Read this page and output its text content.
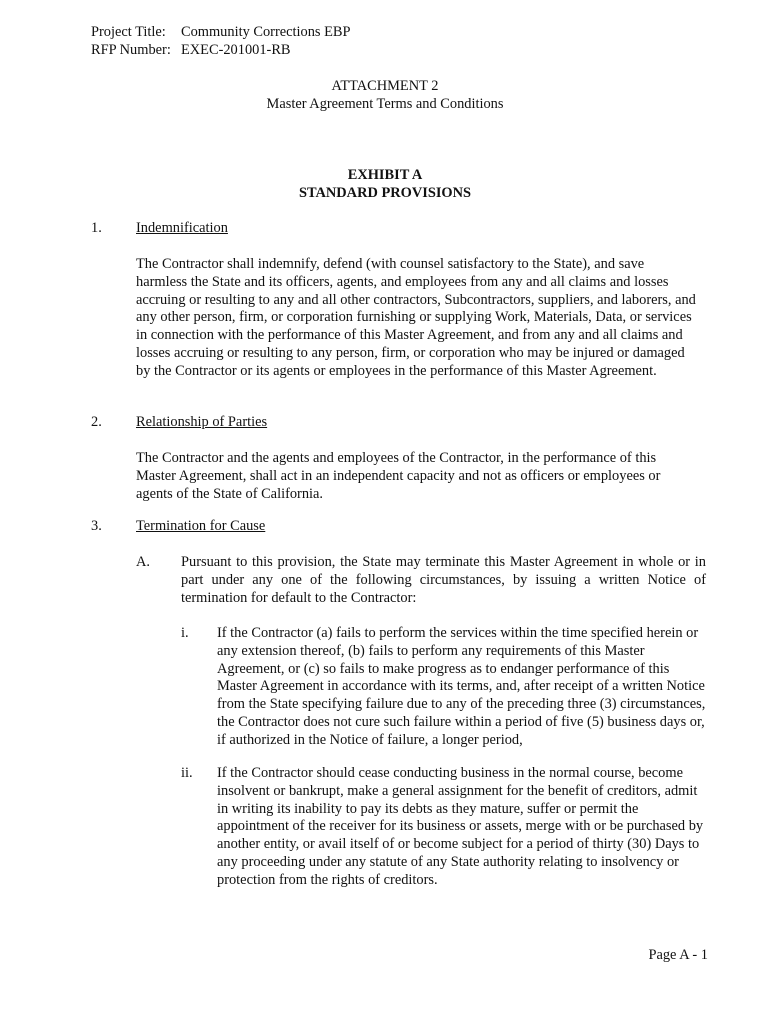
Project Title: Community Corrections EBP
RFP Number: EXEC-201001-RB
ATTACHMENT 2
Master Agreement Terms and Conditions
EXHIBIT A
STANDARD PROVISIONS
1. Indemnification
The Contractor shall indemnify, defend (with counsel satisfactory to the State), and save harmless the State and its officers, agents, and employees from any and all claims and losses accruing or resulting to any and all other contractors, Subcontractors, suppliers, and laborers, and any other person, firm, or corporation furnishing or supplying Work, Materials, Data, or services in connection with the performance of this Master Agreement, and from any and all claims and losses accruing or resulting to any person, firm, or corporation who may be injured or damaged by the Contractor or its agents or employees in the performance of this Master Agreement.
2. Relationship of Parties
The Contractor and the agents and employees of the Contractor, in the performance of this Master Agreement, shall act in an independent capacity and not as officers or employees or agents of the State of California.
3. Termination for Cause
A. Pursuant to this provision, the State may terminate this Master Agreement in whole or in part under any one of the following circumstances, by issuing a written Notice of termination for default to the Contractor:
i. If the Contractor (a) fails to perform the services within the time specified herein or any extension thereof, (b) fails to perform any requirements of this Master Agreement, or (c) so fails to make progress as to endanger performance of this Master Agreement in accordance with its terms, and, after receipt of a written Notice from the State specifying failure due to any of the preceding three (3) circumstances, the Contractor does not cure such failure within a period of five (5) business days or, if authorized in the Notice of failure, a longer period,
ii. If the Contractor should cease conducting business in the normal course, become insolvent or bankrupt, make a general assignment for the benefit of creditors, admit in writing its inability to pay its debts as they mature, suffer or permit the appointment of the receiver for its business or assets, merge with or be purchased by another entity, or avail itself of or become subject for a period of thirty (30) Days to any proceeding under any statute of any State authority relating to insolvency or protection from the rights of creditors.
Page A - 1
